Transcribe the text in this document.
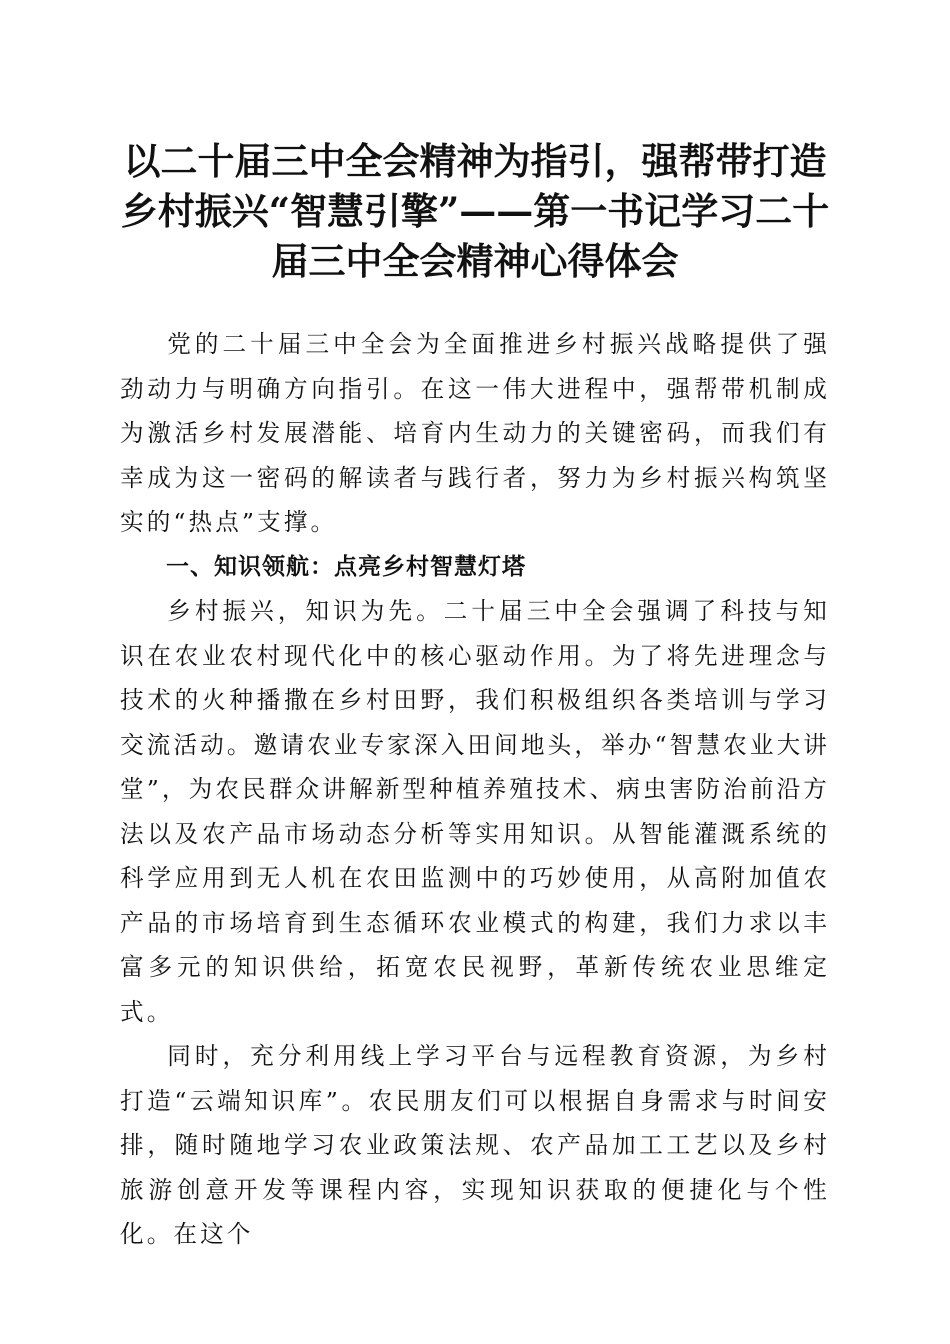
以二十届三中全会精神为指引，强帮带打造乡村振兴“智慧引擎”——第一书记学习二十届三中全会精神心得体会

党的二十届三中全会为全面推进乡村振兴战略提供了强劲动力与明确方向指引。在这一伟大进程中，强帮带机制成为激活乡村发展潜能、培育内生动力的关键密码，而我们有幸成为这一密码的解读者与践行者，努力为乡村振兴构筑坚实的“热点”支撑。

一、知识领航：点亮乡村智慧灯塔

乡村振兴，知识为先。二十届三中全会强调了科技与知识在农业农村现代化中的核心驱动作用。为了将先进理念与技术的火种播撒在乡村田野，我们积极组织各类培训与学习交流活动。邀请农业专家深入田间地头，举办“智慧农业大讲堂”，为农民群众讲解新型种植养殖技术、病虫害防治前沿方法以及农产品市场动态分析等实用知识。从智能灌溉系统的科学应用到无人机在农田监测中的巧妙使用，从高附加值农产品的市场培育到生态循环农业模式的构建，我们力求以丰富多元的知识供给，拓宽农民视野，革新传统农业思维定式。

同时，充分利用线上学习平台与远程教育资源，为乡村打造“云端知识库”。农民朋友们可以根据自身需求与时间安排，随时随地学习农业政策法规、农产品加工工艺以及乡村旅游创意开发等课程内容，实现知识获取的便捷化与个性化。在这个
